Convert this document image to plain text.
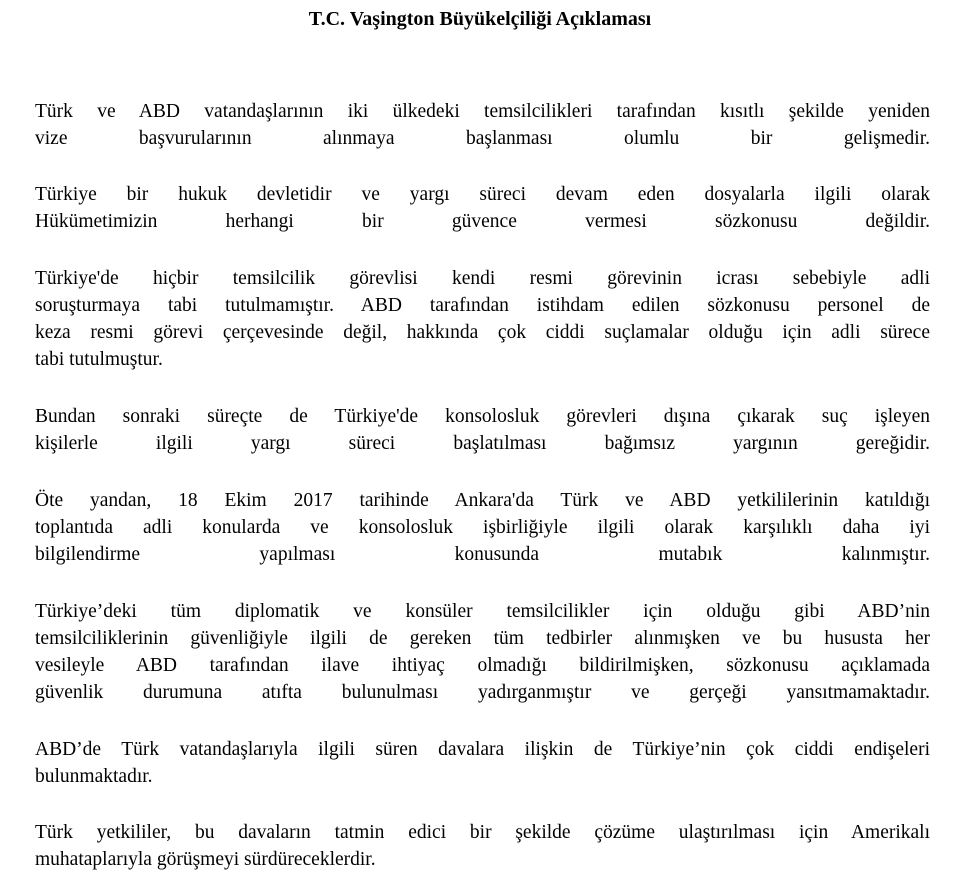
T.C. Vaşington Büyükelçiliği Açıklaması
Türk ve ABD vatandaşlarının iki ülkedeki temsilcilikleri tarafından kısıtlı şekilde yeniden
vize başvurularının alınmaya başlanması olumlu bir gelişmedir.
Türkiye bir hukuk devletidir ve yargı süreci devam eden dosyalarla ilgili olarak
Hükümetimizin herhangi bir güvence vermesi sözkonusu değildir.
Türkiye'de hiçbir temsilcilik görevlisi kendi resmi görevinin icrası sebebiyle adli
soruşturmaya tabi tutulmamıştır. ABD tarafından istihdam edilen sözkonusu personel de
keza resmi görevi çerçevesinde değil, hakkında çok ciddi suçlamalar olduğu için adli sürece
tabi tutulmuştur.
Bundan sonraki süreçte de Türkiye'de konsolosluk görevleri dışına çıkarak suç işleyen
kişilerle ilgili yargı süreci başlatılması bağımsız yargının gereğidir.
Öte yandan, 18 Ekim 2017 tarihinde Ankara'da Türk ve ABD yetkililerinin katıldığı
toplantıda adli konularda ve konsolosluk işbirliğiyle ilgili olarak karşılıklı daha iyi
bilgilendirme yapılması konusunda mutabık kalınmıştır.
Türkiye’deki tüm diplomatik ve konsüler temsilcilikler için olduğu gibi ABD’nin
temsilciliklerinin güvenliğiyle ilgili de gereken tüm tedbirler alınmışken ve bu hususta her
vesileyle ABD tarafından ilave ihtiyaç olmadığı bildirilmişken, sözkonusu açıklamada
güvenlik durumuna atıfta bulunulması yadırganmıştır ve gerçeği yansıtmamaktadır.
ABD’de Türk vatandaşlarıyla ilgili süren davalara ilişkin de Türkiye’nin çok ciddi endişeleri
bulunmaktadır.
Türk yetkililer, bu davaların tatmin edici bir şekilde çözüme ulaştırılması için Amerikalı
muhataplarıyla görüşmeyi sürdüreceklerdir.
